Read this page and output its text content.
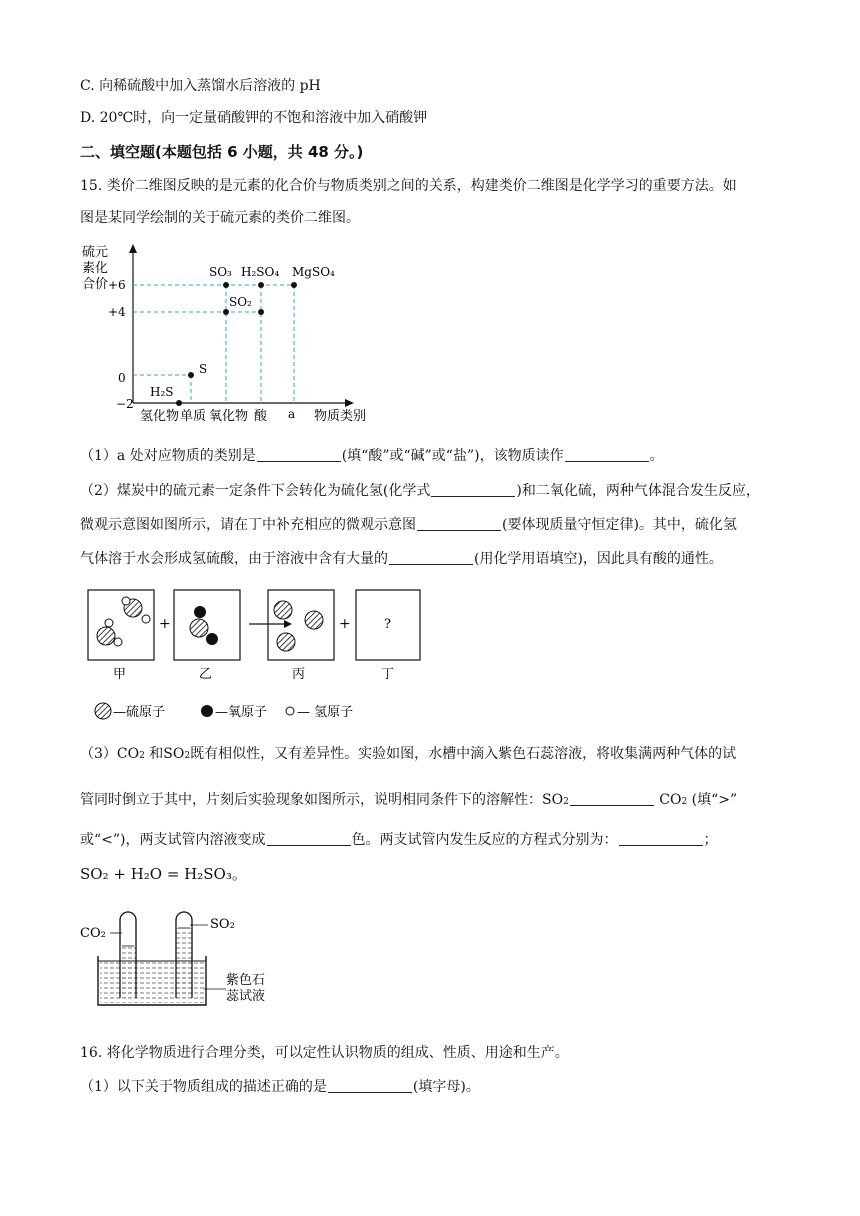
C. 向稀硫酸中加入蒸馏水后溶液的 pH
D. 20℃时，向一定量硝酸钾的不饱和溶液中加入硝酸钾
二、填空题(本题包括 6 小题，共 48 分。)
15. 类价二维图反映的是元素的化合价与物质类别之间的关系，构建类价二维图是化学学习的重要方法。如
图是某同学绘制的关于硫元素的类价二维图。
硫元
素化
合价 +6
+4
0
−2
H₂S
S
SO₂
SO₃ H₂SO₄ MgSO₄
氢化物 单质 氧化物 酸 a 物质类别
（1）a 处对应物质的类别是	(填“酸”或“碱”或“盐”)，该物质读作	。
（2）煤炭中的硫元素一定条件下会转化为硫化氢(化学式	)和二氧化硫，两种气体混合发生反应，
微观示意图如图所示，请在丁中补充相应的微观示意图	(要体现质量守恒定律)。其中，硫化氢
气体溶于水会形成氢硫酸，由于溶液中含有大量的	(用化学用语填空)，因此具有酸的通性。
甲
+
乙	丙
+	?
丁
—硫原子	—氧原子 — 氢原子
（3）CO2 和SO2既有相似性，又有差异性。实验如图，水槽中滴入紫色石蕊溶液，将收集满两种气体的试
管同时倒立于其中，片刻后实验现象如图所示，说明相同条件下的溶解性：SO2	CO2 (填“>”
或“<”)，两支试管内溶液变成	色。两支试管内发生反应的方程式分别为：	；
SO₂ + H₂O = H₂SO₃。
CO₂
SO₂
紫色石
蕊试液
16. 将化学物质进行合理分类，可以定性认识物质的组成、性质、用途和生产。
（1）以下关于物质组成的描述正确的是	(填字母)。
